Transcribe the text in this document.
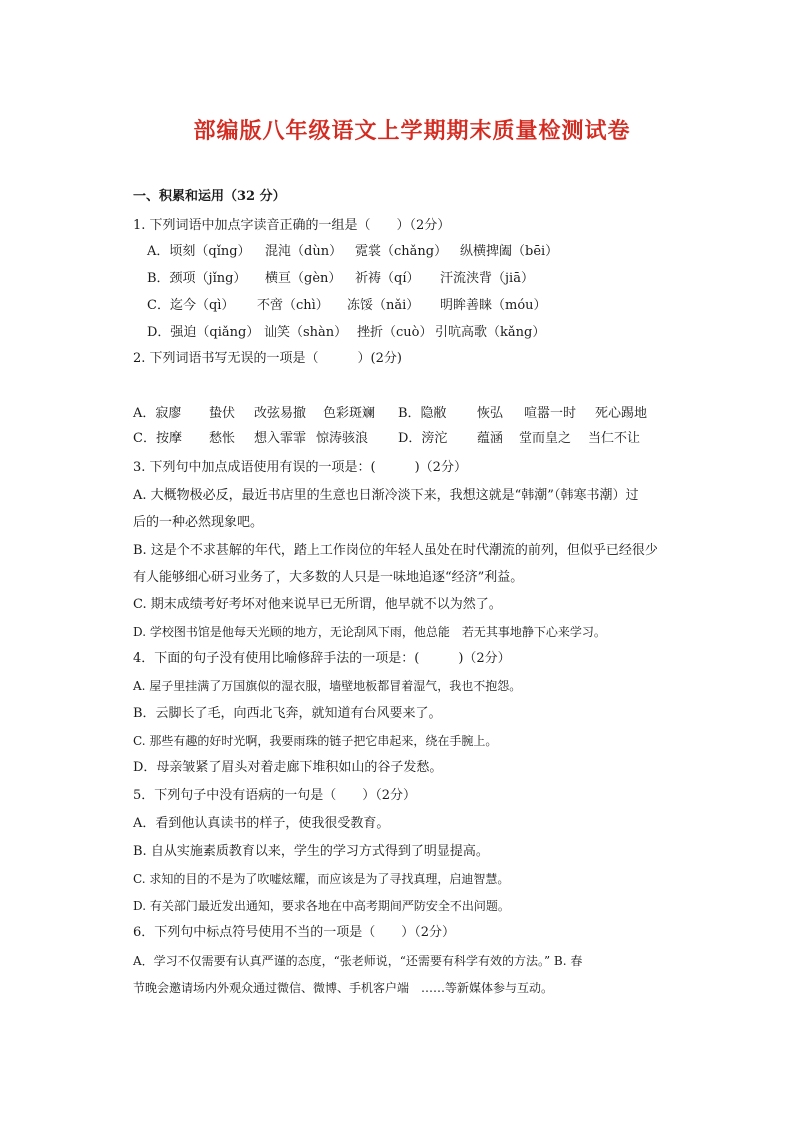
部编版八年级语文上学期期末质量检测试卷
一、积累和运用（32 分）
1. 下列词语中加点字读音正确的一组是（　　）（2分）
A．顷刻（qǐng） 混沌（dùn） 霓裳（chǎng） 纵横捭阖（bēi）
B．颈项（jǐng） 横亘（gèn） 祈祷（qí） 汗流浃背（jiā）
C．迄今（qì） 不啻（chì） 冻馁（nǎi） 明眸善睐（móu）
D．强迫（qiǎng） 讪笑（shàn） 挫折（cuò） 引吭高歌（kǎng）
2. 下列词语书写无误的一项是（　　　）(2分)
A．寂廖 蛰伏 改弦易撤 色彩斑斓 B．隐敝 恢弘 喧嚣一时 死心踢地
C．按摩 愁怅 想入霏霏 惊涛骇浪 D．滂沱 蕴涵 堂而皇之 当仁不让
3. 下列句中加点成语使用有误的一项是：(　　　)（2分）
A. 大概物极必反，最近书店里的生意也日渐冷淡下来，我想这就是“韩潮”（韩寒书潮）过
后的一种必然现象吧。
B. 这是个不求甚解的年代，踏上工作岗位的年轻人虽处在时代潮流的前列，但似乎已经很少
有人能够细心研习业务了，大多数的人只是一味地追逐“经济”利益。
C. 期末成绩考好考坏对他来说早已无所谓，他早就不以为然了。
D. 学校图书馆是他每天光顾的地方，无论刮风下雨，他总能　若无其事地静下心来学习。
4．下面的句子没有使用比喻修辞手法的一项是：(　　　)（2分）
A. 屋子里挂满了万国旗似的湿衣服，墙壁地板都冒着湿气，我也不抱怨。
B．云脚长了毛，向西北飞奔，就知道有台风要来了。
C. 那些有趣的好时光啊，我要雨珠的链子把它串起来，绕在手腕上。
D．母亲皱紧了眉头对着走廊下堆积如山的谷子发愁。
5．下列句子中没有语病的一句是（　　）（2分）
A．看到他认真读书的样子，使我很受教育。
B. 自从实施素质教育以来，学生的学习方式得到了明显提高。
C. 求知的目的不是为了吹嘘炫耀，而应该是为了寻找真理，启迪智慧。
D. 有关部门最近发出通知，要求各地在中高考期间严防安全不出问题。
6．下列句中标点符号使用不当的一项是（　　）（2分）
A．学习不仅需要有认真严谨的态度，“张老师说，“还需要有科学有效的方法。” B. 春
节晚会邀请场内外观众通过微信、微博、手机客户端　……等新媒体参与互动。
